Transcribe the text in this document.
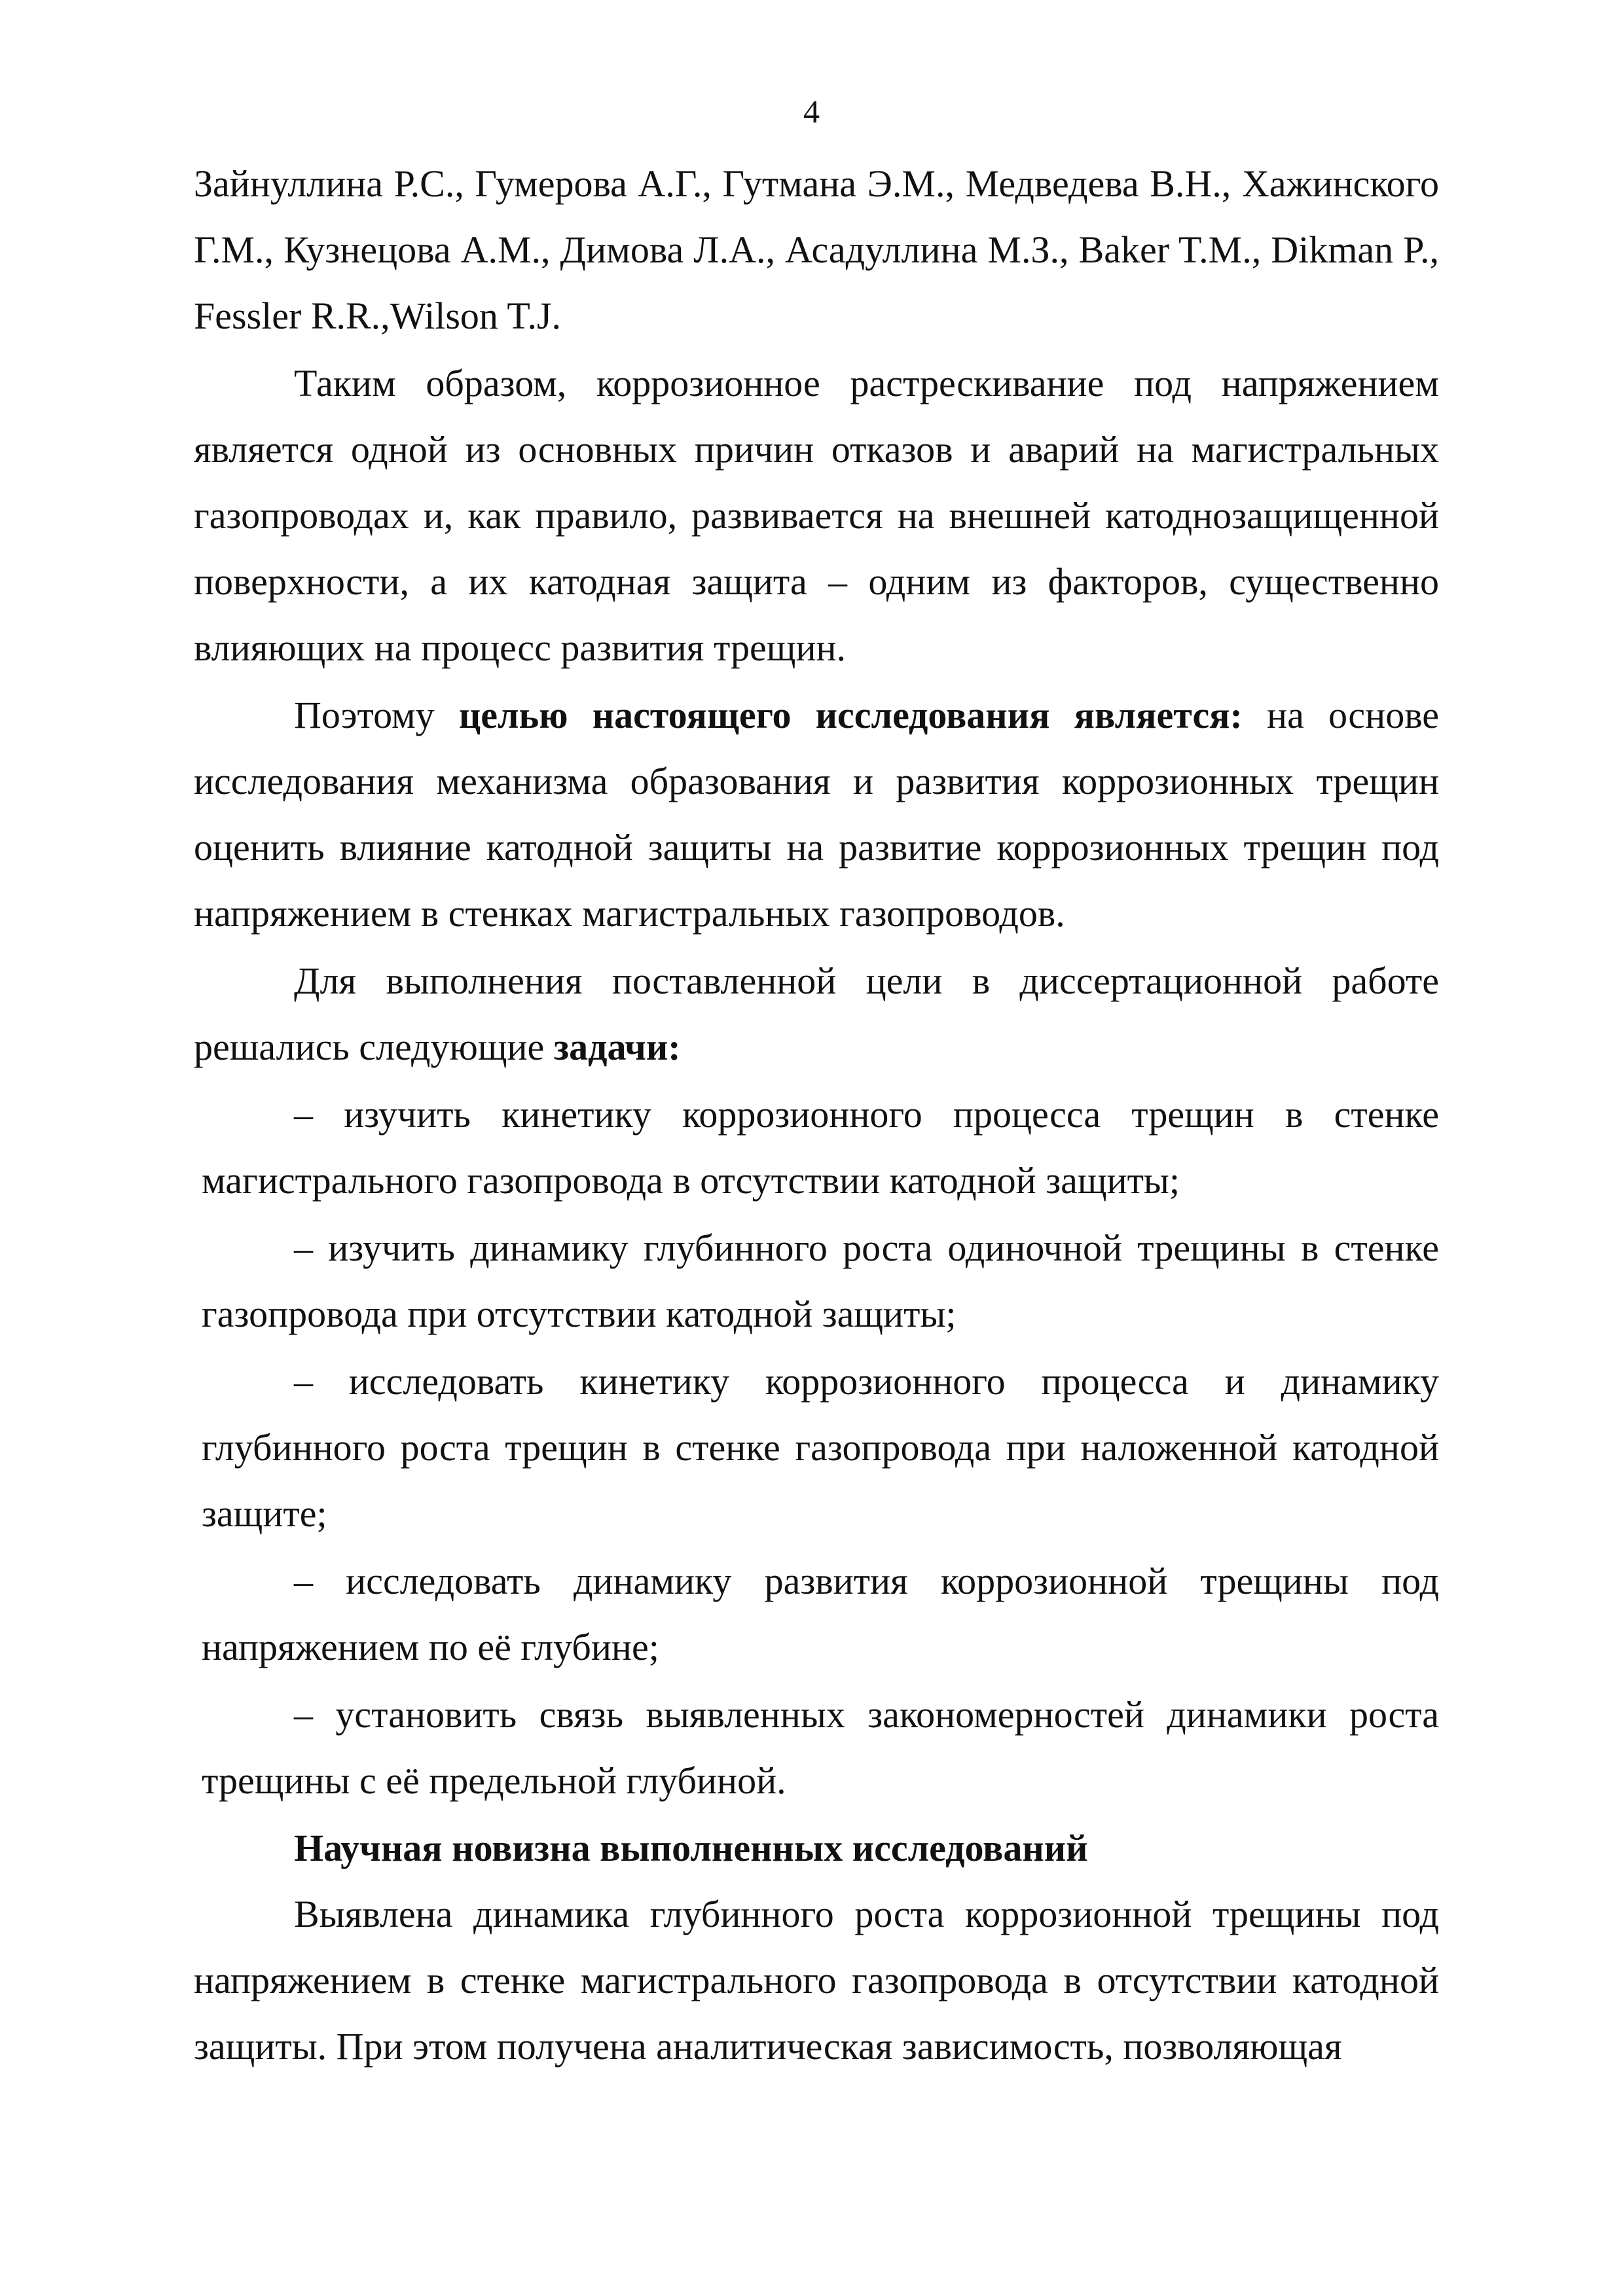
4

Зайнуллина Р.С., Гумерова А.Г., Гутмана Э.М., Медведева В.Н., Хажинского Г.М., Кузнецова А.М., Димова Л.А., Асадуллина М.З., Baker T.M., Dikman P., Fessler R.R.,Wilson T.J.

Таким образом, коррозионное растрескивание под напряжением является одной из основных причин отказов и аварий на магистральных газопроводах и, как правило, развивается на внешней катоднозащищенной поверхности, а их катодная защита – одним из факторов, существенно влияющих на процесс развития трещин.

Поэтому целью настоящего исследования является: на основе исследования механизма образования и развития коррозионных трещин оценить влияние катодной защиты на развитие коррозионных трещин под напряжением в стенках магистральных газопроводов.

Для выполнения поставленной цели в диссертационной работе решались следующие задачи:

– изучить кинетику коррозионного процесса трещин в стенке магистрального газопровода в отсутствии катодной защиты;

– изучить динамику глубинного роста одиночной трещины в стенке газопровода при отсутствии катодной защиты;

– исследовать кинетику коррозионного процесса и динамику глубинного роста трещин в стенке газопровода при наложенной катодной защите;

– исследовать динамику развития коррозионной трещины под напряжением по её глубине;

– установить связь выявленных закономерностей динамики роста трещины с её предельной глубиной.

Научная новизна выполненных исследований

Выявлена динамика глубинного роста коррозионной трещины под напряжением в стенке магистрального газопровода в отсутствии катодной защиты. При этом получена аналитическая зависимость, позволяющая
